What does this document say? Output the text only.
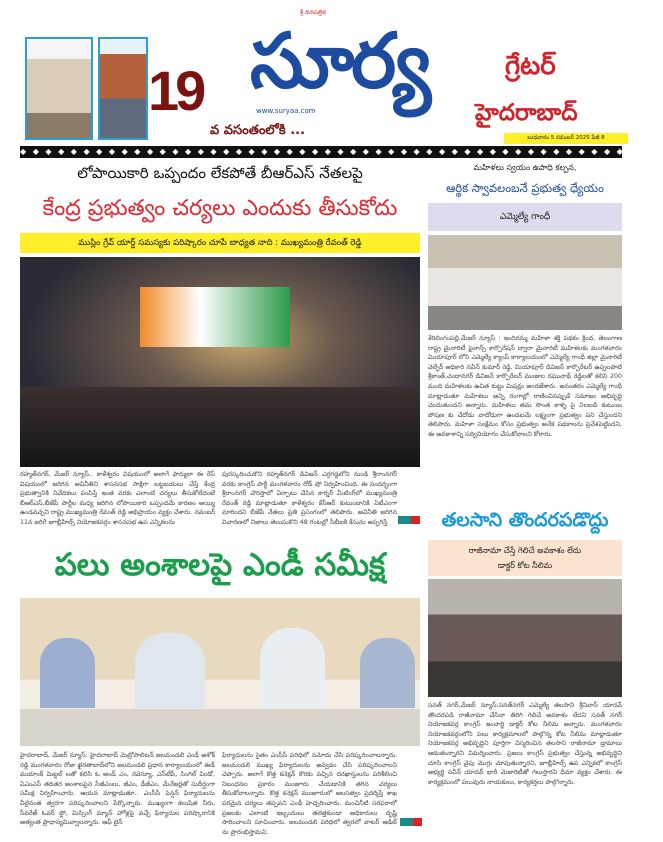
19
శ్రీ దినపత్రిక
సూర్య
www.suryaa.com
వ వసంతంలోకి ...
గ్రేటర్
హైదరాబాద్
బుధవారం 5 నవంబర్ 2025 పేజీ 8
◆ ◆ ◆ ◆ ◆ ◆ ◆ ◆ ◆ ◆ ◆ ◆ ◆ ◆ ◆ ◆ ◆ ◆ ◆ ◆ ◆ ◆ ◆ ◆ ◆ ◆ ◆ ◆ ◆ ◆ ◆ ◆ ◆ ◆ ◆ ◆ ◆ ◆ ◆ ◆ ◆ ◆ ◆ ◆ ◆ ◆ ◆ ◆ ◆ ◆ ◆
లోపాయికారి ఒప్పందం లేకపోతే బీఆర్ఎస్ నేతలపై
కేంద్ర ప్రభుత్వం చర్యలు ఎందుకు తీసుకోదు
ముస్లిం గ్రేవ్ యార్డ్ సమస్యకు పరిష్కారం చూపే బాధ్యత నాది : ముఖ్యమంత్రి రేవంత్ రెడ్డి
రహ్మత్‌నగర్, మేజర్ న్యూస్.. కాళేశ్వరం విషయంలో అలాగే ఫార్ములా ఈ రేస్ విషయంలో జరిగిన అవినీతిని శాసనసభ సాక్షిగా బట్టబయలు చేస్తే కేంద్ర ప్రభుత్వానికి నివేదికలు పంపిస్తే ఇంత వరకు ఎలాంటి చర్యలు తీసుకోలేదంటే బీఆర్ఎస్,బీజేపీ పార్టీల మధ్య జరిగిన లోపాయికారి ఒప్పందమే కారణం అయ్యి ఉండవచ్చని రాష్ట్ర ముఖ్యమంత్రి రేవంత్ రెడ్డి అభిప్రాయం వ్యక్తం చేశారు. నవంబర్ 11న జరిగే జూబ్లీహిల్స్ నియోజకవర్గం శాసనసభ ఉప ఎన్నికలను
పురస్కరించుకొని రహ్మత్‌నగర్ డివిజన్ ఎర్రగడ్డలోని నుండి శ్రీరాంనగర్ వరకు కాంగ్రెస్ పార్టీ మంగళవారం రోడ్ షో నిర్వహించింది. ఈ సందర్భంగా శ్రీరాంనగర్ చౌరస్తాలో ఏర్పాటు చేసిన కార్నర్ మీటింగ్‌లో ముఖ్యమంత్రి రేవంత్ రెడ్డి మాట్లాడుతూ కాళేశ్వరం కేసీఆర్ కుటుంబానికి ఏటీఎంగా మారిందని బీజేపీ నేతలు ప్రతి ప్రసంగంలో తెలిపారు. అవినీతి జరిగిన విచారణలో నిజాలు తెలుసుకొని 48 గంటల్లో సీబీఐకి కేసును అప్పగిస్తే
పలు అంశాలపై ఎండీ సమీక్ష
హైదరాబాద్, మేజర్ న్యూస్: హైదరాబాద్ మెట్రోపాలిటన్ జలమండలి ఎండీ అశోక్ రెడ్డి మంగళవారం రోజు ఖైరతాబాద్‌లోని జలమండలి ప్రధాన కార్యాలయంలో ఈడీ మయాంక్ మిట్టల్ లతో కలిసి ఓ అండ్ ఎం, రెవెన్యూ, ఎస్‌టీపీ, సింగిల్ విండో, ఏఎంఎస్ తదితర అంశాలపైన సీజీఎంలు, జీఎం, డీజీఎం, మేనేజర్లతో సుదీర్ఘంగా సమీక్ష నిర్వహించారు. ఆయన మాట్లాడుతూ.. ఎంసీసీ పెన్షన్ ఫిర్యాదులను వీలైనంత త్వరగా పరిష్కరించాలని పేర్కొన్నారు. ముఖ్యంగా కలుషిత నీరు, సీవరేజ్ ఓవర్ ఫ్లో, మిస్సింగ్ మ్యాన్ హోళ్లపై వచ్చే ఫిర్యాదుల పరిష్కారానికి అత్యంత ప్రాధాన్యమివ్వాలన్నారు. ఆఫ్ లైన్
ఫిర్యాదులను సైతం ఎంసీసీ పరిధిలో నమోదు చేసి పరిష్కరించాలన్నారు. జలమండలి ముఖ్య ఫిర్యాదులను అవ్వడం చేసి పరిష్కరించాలని చెప్పారు. అలాగే కొత్త కనెక్షన్ కొరకు వచ్చిన దరఖాస్తులను పరిశీలించి నిబంధనల ప్రకారం మంజూరు చేయడానికి తగిన చర్యలు తీసుకోవాలన్నారు. కొత్త కనెక్షన్ మంజూరులో అలసత్వం ప్రదర్శిస్తే శాఖ పరమైన చర్యలు తప్పవని ఎండీ హెచ్చరించారు. మంచినీటి సరఫరాలో ప్రజలకు ఎలాంటి ఇబ్బందులు తలెత్తకుండా అధికారులు దృష్టి సారించాలని సూచించారు. జలమండలి పరిధిలో త్వరలో వాటర్ ఆడిట్ ను ప్రారంభిస్తామని.
మహిళలు స్వయం ఉపాధి కల్పన,
ఆర్థిక స్వావలంబనే ప్రభుత్వ ధ్యేయం
ఎమ్మెల్యే గాంధీ
శేరిలింగంపల్లి,మేజర్ న్యూస్ : ఇందిరమ్మ మహిళా శక్తి పథకం క్రింద, తెలంగాణ రాష్ట్ర మైనారిటీ ఫైనాన్స్ కార్పొరేషన్ ద్వారా మైనారిటీ మహిళలకు మంగళవారం మియాపూర్ లోని ఎమ్మెల్యే క్యాంప్ కార్యాలయంలో ఎమ్మెల్యే గాంధీ జిల్లా మైనారిటీ వెల్ఫేర్ అధికారి నవీన్ కుమార్ రెడ్డి, మియాపూర్ డివిజన్ కార్పొరేటర్ ఉప్పలపాటి శ్రీకాంత్,చందానగర్ డివిజన్ కార్పొరేటర్ మంజుల రఘునాథ్ రెడ్డిలతో కలిసి 200 మంది మహిళలకు ఉచిత కుట్టు మిషన్లు అందజేశారు. అనంతరం ఎమ్మెల్యే గాంధీ మాట్లాడుతూ మహిళలు అన్ని రంగాల్లో రాణించినప్పుడే సమాజం అభివృద్ధి చెందుతుందని అన్నారు. మహిళలు తమ సొంత కాళ్ళ పై నిలబడి కుటుంబ పోషణ కు చేదోడు వాదోడుగా ఉండటమే లక్ష్యంగా ప్రభుత్వం పని చేస్తుందని తెలిపారు. మహిళా సంక్షేమం కోసం ప్రభుత్వం అనేక పథకాలను ప్రవేశపెట్టిందని, ఈ అవకాశాన్ని సద్వినియోగం చేసుకోవాలని కోరారు.
తలసాని తొందరపడొద్దు
రాజీనామా చేస్తే గెలిచే అవకాశం లేదు
డాక్టర్ కోట నీలిమ
సనత్ నగర్,మేజర్ న్యూస్:సనత్‌నగర్ ఎమ్మెల్యే తలసాని శ్రీనివాస్ యాదవ్ తొందరపడి రాజీనామా చేసినా తిరిగి గెలిచే అవకాశం లేదని సనత్ నగర్ నియోజకవర్గ కాంగ్రెస్ ఇంచార్జి డాక్టర్ కోట నీలిమ అన్నారు. మంగళవారం నియోజకవర్గంలోని పలు కార్యక్రమాలలో పాల్గొన్న కోట నీలిమ మాట్లాడుతూ నియోజకవర్గ అభివృద్ధిని పూర్తిగా విస్మరించిన తలసాని రాజీనామా డ్రామాలు ఆడుతున్నారని విమర్శించారు. ప్రజలు కాంగ్రెస్ ప్రభుత్వం చేస్తున్న అభివృద్ధిని చూసి కాంగ్రెస్ వైపు మొగ్గు చూపుతున్నారని, జూబ్లీహిల్స్ ఉప ఎన్నికలో కాంగ్రెస్ అభ్యర్థి నవీన్ యాదవ్ భారీ మెజారిటీతో గెలుస్తారని ధీమా వ్యక్తం చేశారు. ఈ కార్యక్రమంలో పలువురు నాయకులు, కార్యకర్తలు పాల్గొన్నారు.
